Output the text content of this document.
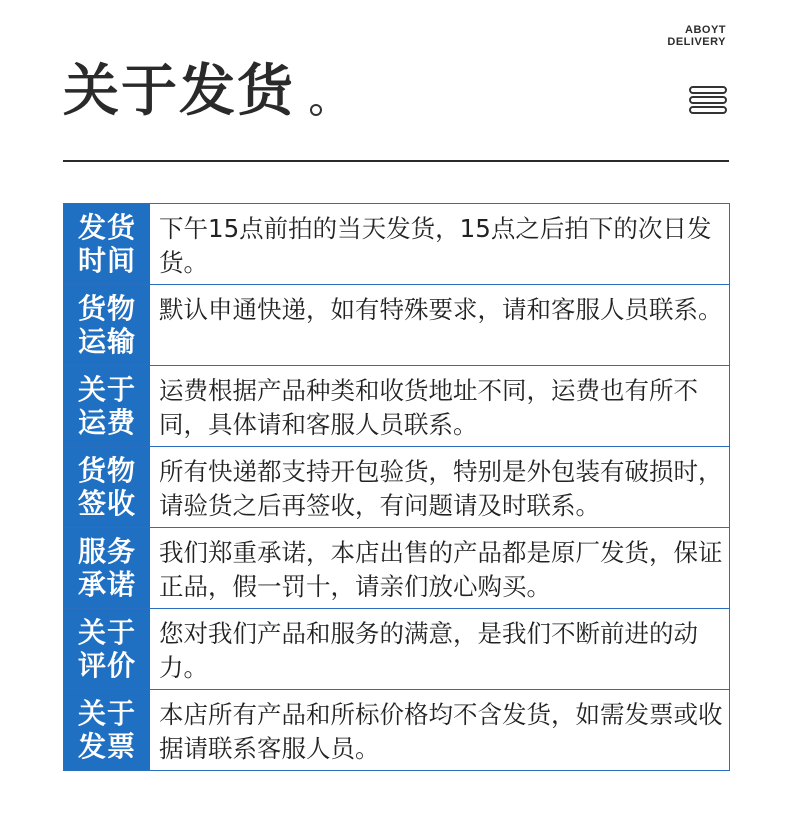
ABOYT
DELIVERY
关于发货
发货
时间
下午15点前拍的当天发货，15点之后拍下的次日发货。
货物
运输
默认申通快递，如有特殊要求，请和客服人员联系。
关于
运费
运费根据产品种类和收货地址不同，运费也有所不同，具体请和客服人员联系。
货物
签收
所有快递都支持开包验货，特别是外包装有破损时，请验货之后再签收，有问题请及时联系。
服务
承诺
我们郑重承诺，本店出售的产品都是原厂发货，保证正品，假一罚十，请亲们放心购买。
关于
评价
您对我们产品和服务的满意，是我们不断前进的动力。
关于
发票
本店所有产品和所标价格均不含发货，如需发票或收据请联系客服人员。
